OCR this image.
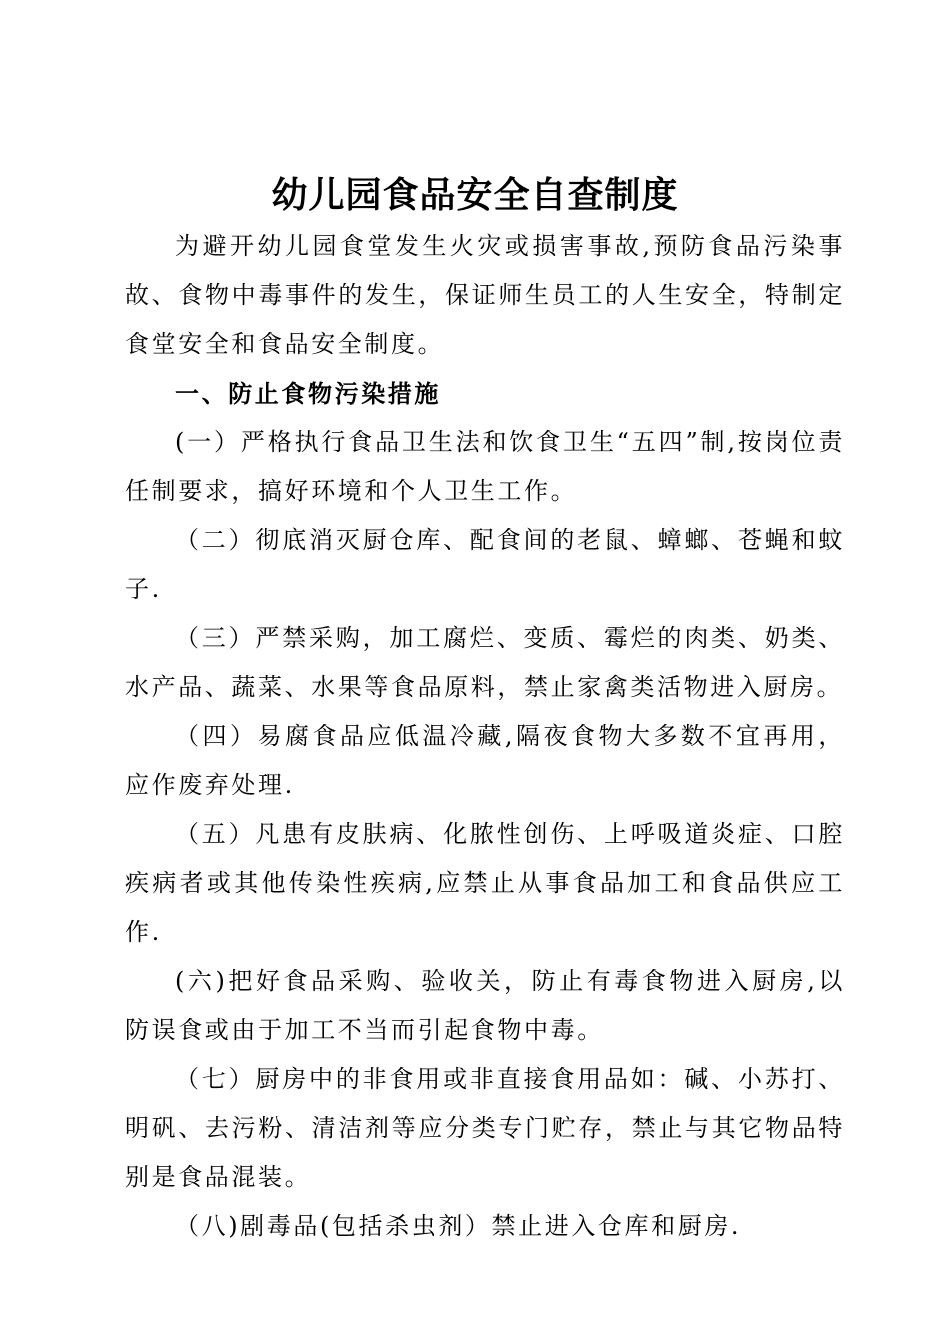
幼儿园食品安全自查制度

为避开幼儿园食堂发生火灾或损害事故,预防食品污染事故、食物中毒事件的发生，保证师生员工的人生安全，特制定食堂安全和食品安全制度。

一、防止食物污染措施

(一）严格执行食品卫生法和饮食卫生“五四”制,按岗位责任制要求，搞好环境和个人卫生工作。

（二）彻底消灭厨仓库、配食间的老鼠、蟑螂、苍蝇和蚊子.

（三）严禁采购，加工腐烂、变质、霉烂的肉类、奶类、水产品、蔬菜、水果等食品原料，禁止家禽类活物进入厨房。

（四）易腐食品应低温冷藏,隔夜食物大多数不宜再用，应作废弃处理.

（五）凡患有皮肤病、化脓性创伤、上呼吸道炎症、口腔疾病者或其他传染性疾病,应禁止从事食品加工和食品供应工作.

(六)把好食品采购、验收关，防止有毒食物进入厨房,以防误食或由于加工不当而引起食物中毒。

（七）厨房中的非食用或非直接食用品如：碱、小苏打、明矾、去污粉、清洁剂等应分类专门贮存，禁止与其它物品特别是食品混装。

（八)剧毒品(包括杀虫剂）禁止进入仓库和厨房.
